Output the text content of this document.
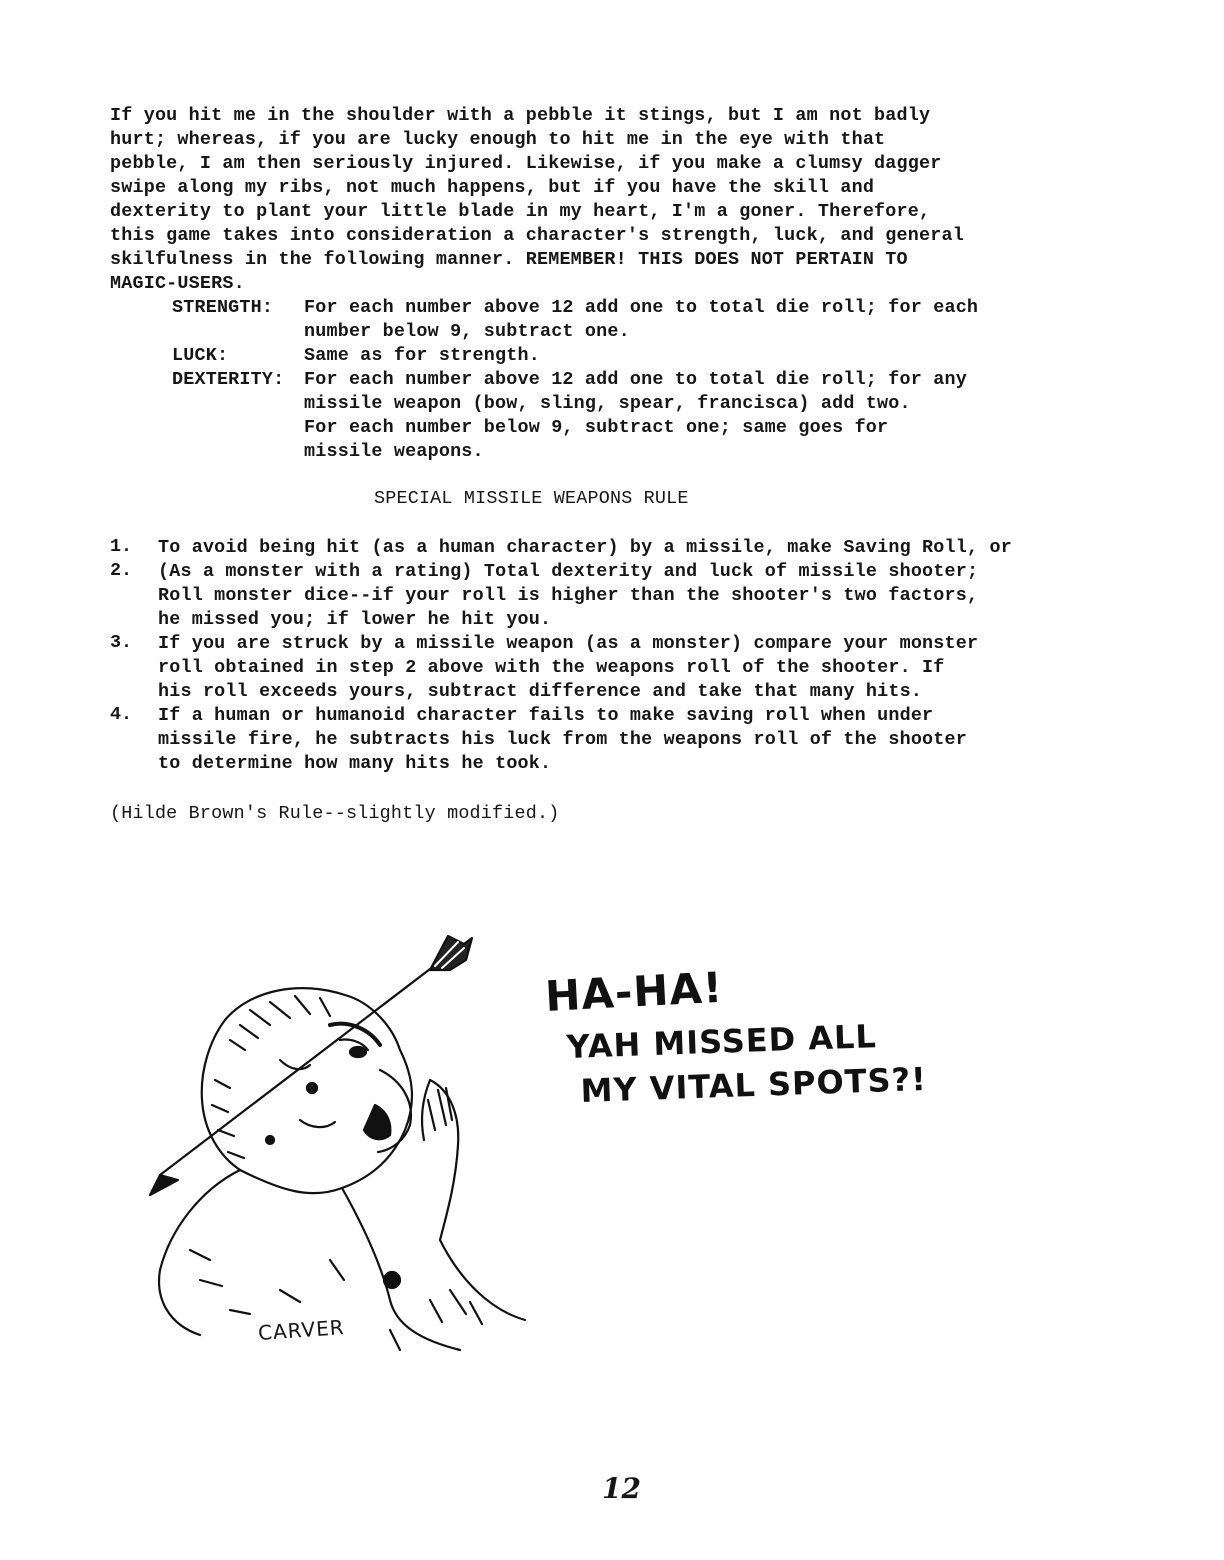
If you hit me in the shoulder with a pebble it stings, but I am not badly
hurt; whereas, if you are lucky enough to hit me in the eye with that
pebble, I am then seriously injured. Likewise, if you make a clumsy dagger
swipe along my ribs, not much happens, but if you have the skill and
dexterity to plant your little blade in my heart, I'm a goner. Therefore,
this game takes into consideration a character's strength, luck, and general
skilfulness in the following manner. REMEMBER! THIS DOES NOT PERTAIN TO
MAGIC-USERS.
STRENGTH: For each number above 12 add one to total die roll; for each
number below 9, subtract one.
LUCK:	Same as for strength.
DEXTERITY: For each number above 12 add one to total die roll; for any
missile weapon (bow, sling, spear, francisca) add two.
For each number below 9, subtract one; same goes for
missile weapons.
SPECIAL MISSILE WEAPONS RULE
1. To avoid being hit (as a human character) by a missile, make Saving Roll, or
2. (As a monster with a rating) Total dexterity and luck of missile shooter;
Roll monster dice--if your roll is higher than the shooter's two factors,
he missed you; if lower he hit you.
3. If you are struck by a missile weapon (as a monster) compare your monster
roll obtained in step 2 above with the weapons roll of the shooter. If
his roll exceeds yours, subtract difference and take that many hits.
4. If a human or humanoid character fails to make saving roll when under
missile fire, he subtracts his luck from the weapons roll of the shooter
to determine how many hits he took.
(Hilde Brown's Rule--slightly modified.)
CARVER
HA-HA!
YAH MISSED ALL
MY VITAL SPOTS?!
12
